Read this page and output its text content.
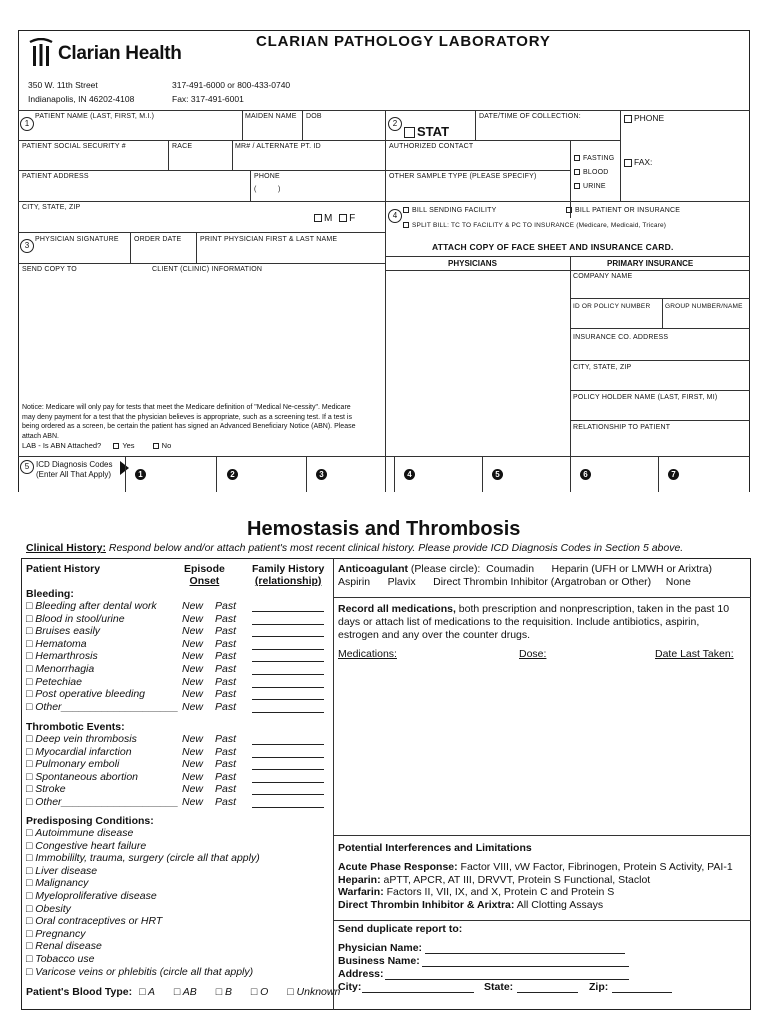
Clarian Health
CLARIAN PATHOLOGY LABORATORY
350 W. 11th Street
Indianapolis, IN 46202-4108
317-491-6000 or 800-433-0740
Fax: 317-491-6001
1
PATIENT NAME (LAST, FIRST, M.I.)	MAIDEN NAME DOB
PATIENT SOCIAL SECURITY #	RACE	MR# / ALTERNATE PT. ID
PATIENT ADDRESS	PHONE
(          )
CITY, STATE, ZIP
M F
3
PHYSICIAN SIGNATURE ORDER DATE	PRINT PHYSICIAN FIRST & LAST NAME
SEND COPY TO	CLIENT (CLINIC) INFORMATION
Notice: Medicare will only pay for tests that meet the Medicare definition of "Medical Ne-cessity". Medicare may deny payment for a test that the physician believes is appropriate, such as a screening test. If a test is being ordered as a screen, be certain the patient has signed an Advanced Beneficiary Notice (ABN). Please attach ABN.
LAB - Is ABN Attached?	Yes	No
2
STAT
DATE/TIME OF COLLECTION:	PHONE
AUTHORIZED CONTACT
FASTING
BLOOD
URINE
FAX:
OTHER SAMPLE TYPE (PLEASE SPECIFY)
4
BILL SENDING FACILITY	BILL PATIENT OR INSURANCE
SPLIT BILL: TC TO FACILITY & PC TO INSURANCE (Medicare, Medicaid, Tricare)
ATTACH COPY OF FACE SHEET AND INSURANCE CARD.
PHYSICIANS	PRIMARY INSURANCE
COMPANY NAME
ID OR POLICY NUMBER GROUP NUMBER/NAME
INSURANCE CO. ADDRESS
CITY, STATE, ZIP
POLICY HOLDER NAME (LAST, FIRST, MI)
RELATIONSHIP TO PATIENT
5 ICD Diagnosis Codes
(Enter All That Apply)	1	2	3	4	5	6	7
Hemostasis and Thrombosis
Clinical History: Respond below and/or attach patient's most recent clinical history. Please provide ICD Diagnosis Codes in Section 5 above.
Patient History	Episode
Onset
Family History
(relationship)
Bleeding:
□ Bleeding after dental work New Past
□ Blood in stool/urine	New Past
□ Bruises easily	New Past
□ Hematoma	New Past
□ Hemarthrosis	New Past
□ Menorrhagia	New Past
□ Petechiae	New Past
□ Post operative bleeding	New Past
□ Other____________________ New Past
Thrombotic Events:
□ Deep vein thrombosis	New Past
□ Myocardial infarction	New Past
□ Pulmonary emboli	New Past
□ Spontaneous abortion	New Past
□ Stroke	New Past
□ Other____________________ New Past
Predisposing Conditions:
□ Autoimmune disease
□ Congestive heart failure
□ Immobililty, trauma, surgery (circle all that apply)
□ Liver disease
□ Malignancy
□ Myeloproliferative disease
□ Obesity
□ Oral contraceptives or HRT
□ Pregnancy
□ Renal disease
□ Tobacco use
□ Varicose veins or phlebitis (circle all that apply)
Patient's Blood Type: □ A □ AB □ B □ O □ Unknown
Anticoagulant (Please circle):  Coumadin      Heparin (UFH or LMWH or Arixtra)
Aspirin      Plavix      Direct Thrombin Inhibitor (Argatroban or Other)     None
Record all medications, both prescription and nonprescription, taken in the past 10 days or attach list of medications to the requisition. Include antibiotics, aspirin, estrogen and any over the counter drugs.
Medications:	Dose:	Date Last Taken:
Potential Interferences and Limitations
Acute Phase Response: Factor VIII, vW Factor, Fibrinogen, Protein S Activity, PAI-1
Heparin: aPTT, APCR, AT III, DRVVT, Protein S Functional, Staclot
Warfarin: Factors II, VII, IX, and X, Protein C and Protein S
Direct Thrombin Inhibitor & Arixtra: All Clotting Assays
Send duplicate report to:
Physician Name:
Business Name:
Address:
City:	State:	Zip:
